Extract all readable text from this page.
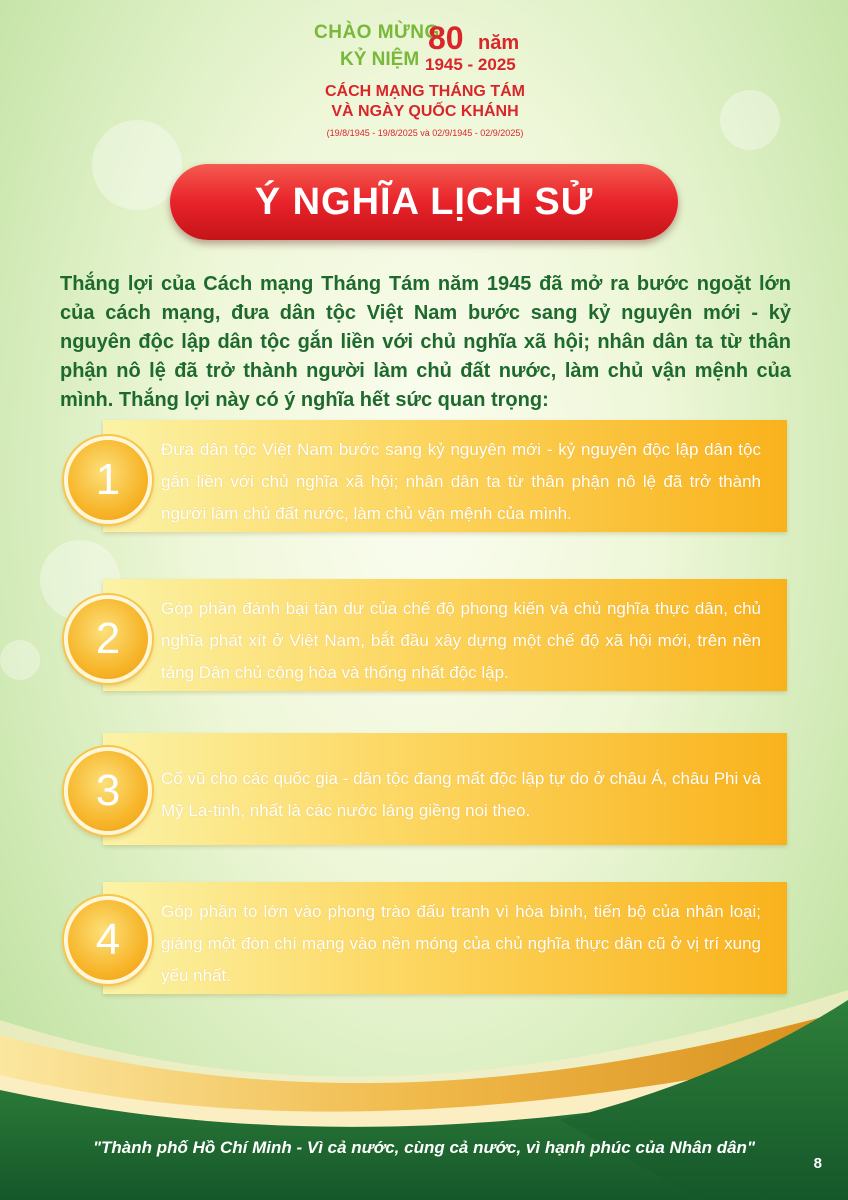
CHÀO MỪNG
KỶ NIỆM
80 năm
1945 - 2025
CÁCH MẠNG THÁNG TÁM
VÀ NGÀY QUỐC KHÁNH
(19/8/1945 - 19/8/2025 và 02/9/1945 - 02/9/2025)
Ý NGHĨA LỊCH SỬ
Thắng lợi của Cách mạng Tháng Tám năm 1945 đã mở ra bước ngoặt lớn của cách mạng, đưa dân tộc Việt Nam bước sang kỷ nguyên mới - kỷ nguyên độc lập dân tộc gắn liền với chủ nghĩa xã hội; nhân dân ta từ thân phận nô lệ đã trở thành người làm chủ đất nước, làm chủ vận mệnh của mình. Thắng lợi này có ý nghĩa hết sức quan trọng:
Đưa dân tộc Việt Nam bước sang kỷ nguyên mới - kỷ nguyên độc lập dân tộc gắn liền với chủ nghĩa xã hội; nhân dân ta từ thân phận nô lệ đã trở thành người làm chủ đất nước, làm chủ vận mệnh của mình.
1
Góp phần đánh bại tàn dư của chế độ phong kiến và chủ nghĩa thực dân, chủ nghĩa phát xít ở Việt Nam, bắt đầu xây dựng một chế độ xã hội mới, trên nền tảng Dân chủ cộng hòa và thống nhất độc lập.
2
Cổ vũ cho các quốc gia - dân tộc đang mất độc lập tự do ở châu Á, châu Phi và Mỹ La-tinh, nhất là các nước láng giềng noi theo.
3
Góp phần to lớn vào phong trào đấu tranh vì hòa bình, tiến bộ của nhân loại; giáng một đòn chí mạng vào nền móng của chủ nghĩa thực dân cũ ở vị trí xung yếu nhất.
4
"Thành phố Hồ Chí Minh - Vì cả nước, cùng cả nước, vì hạnh phúc của Nhân dân"
8
